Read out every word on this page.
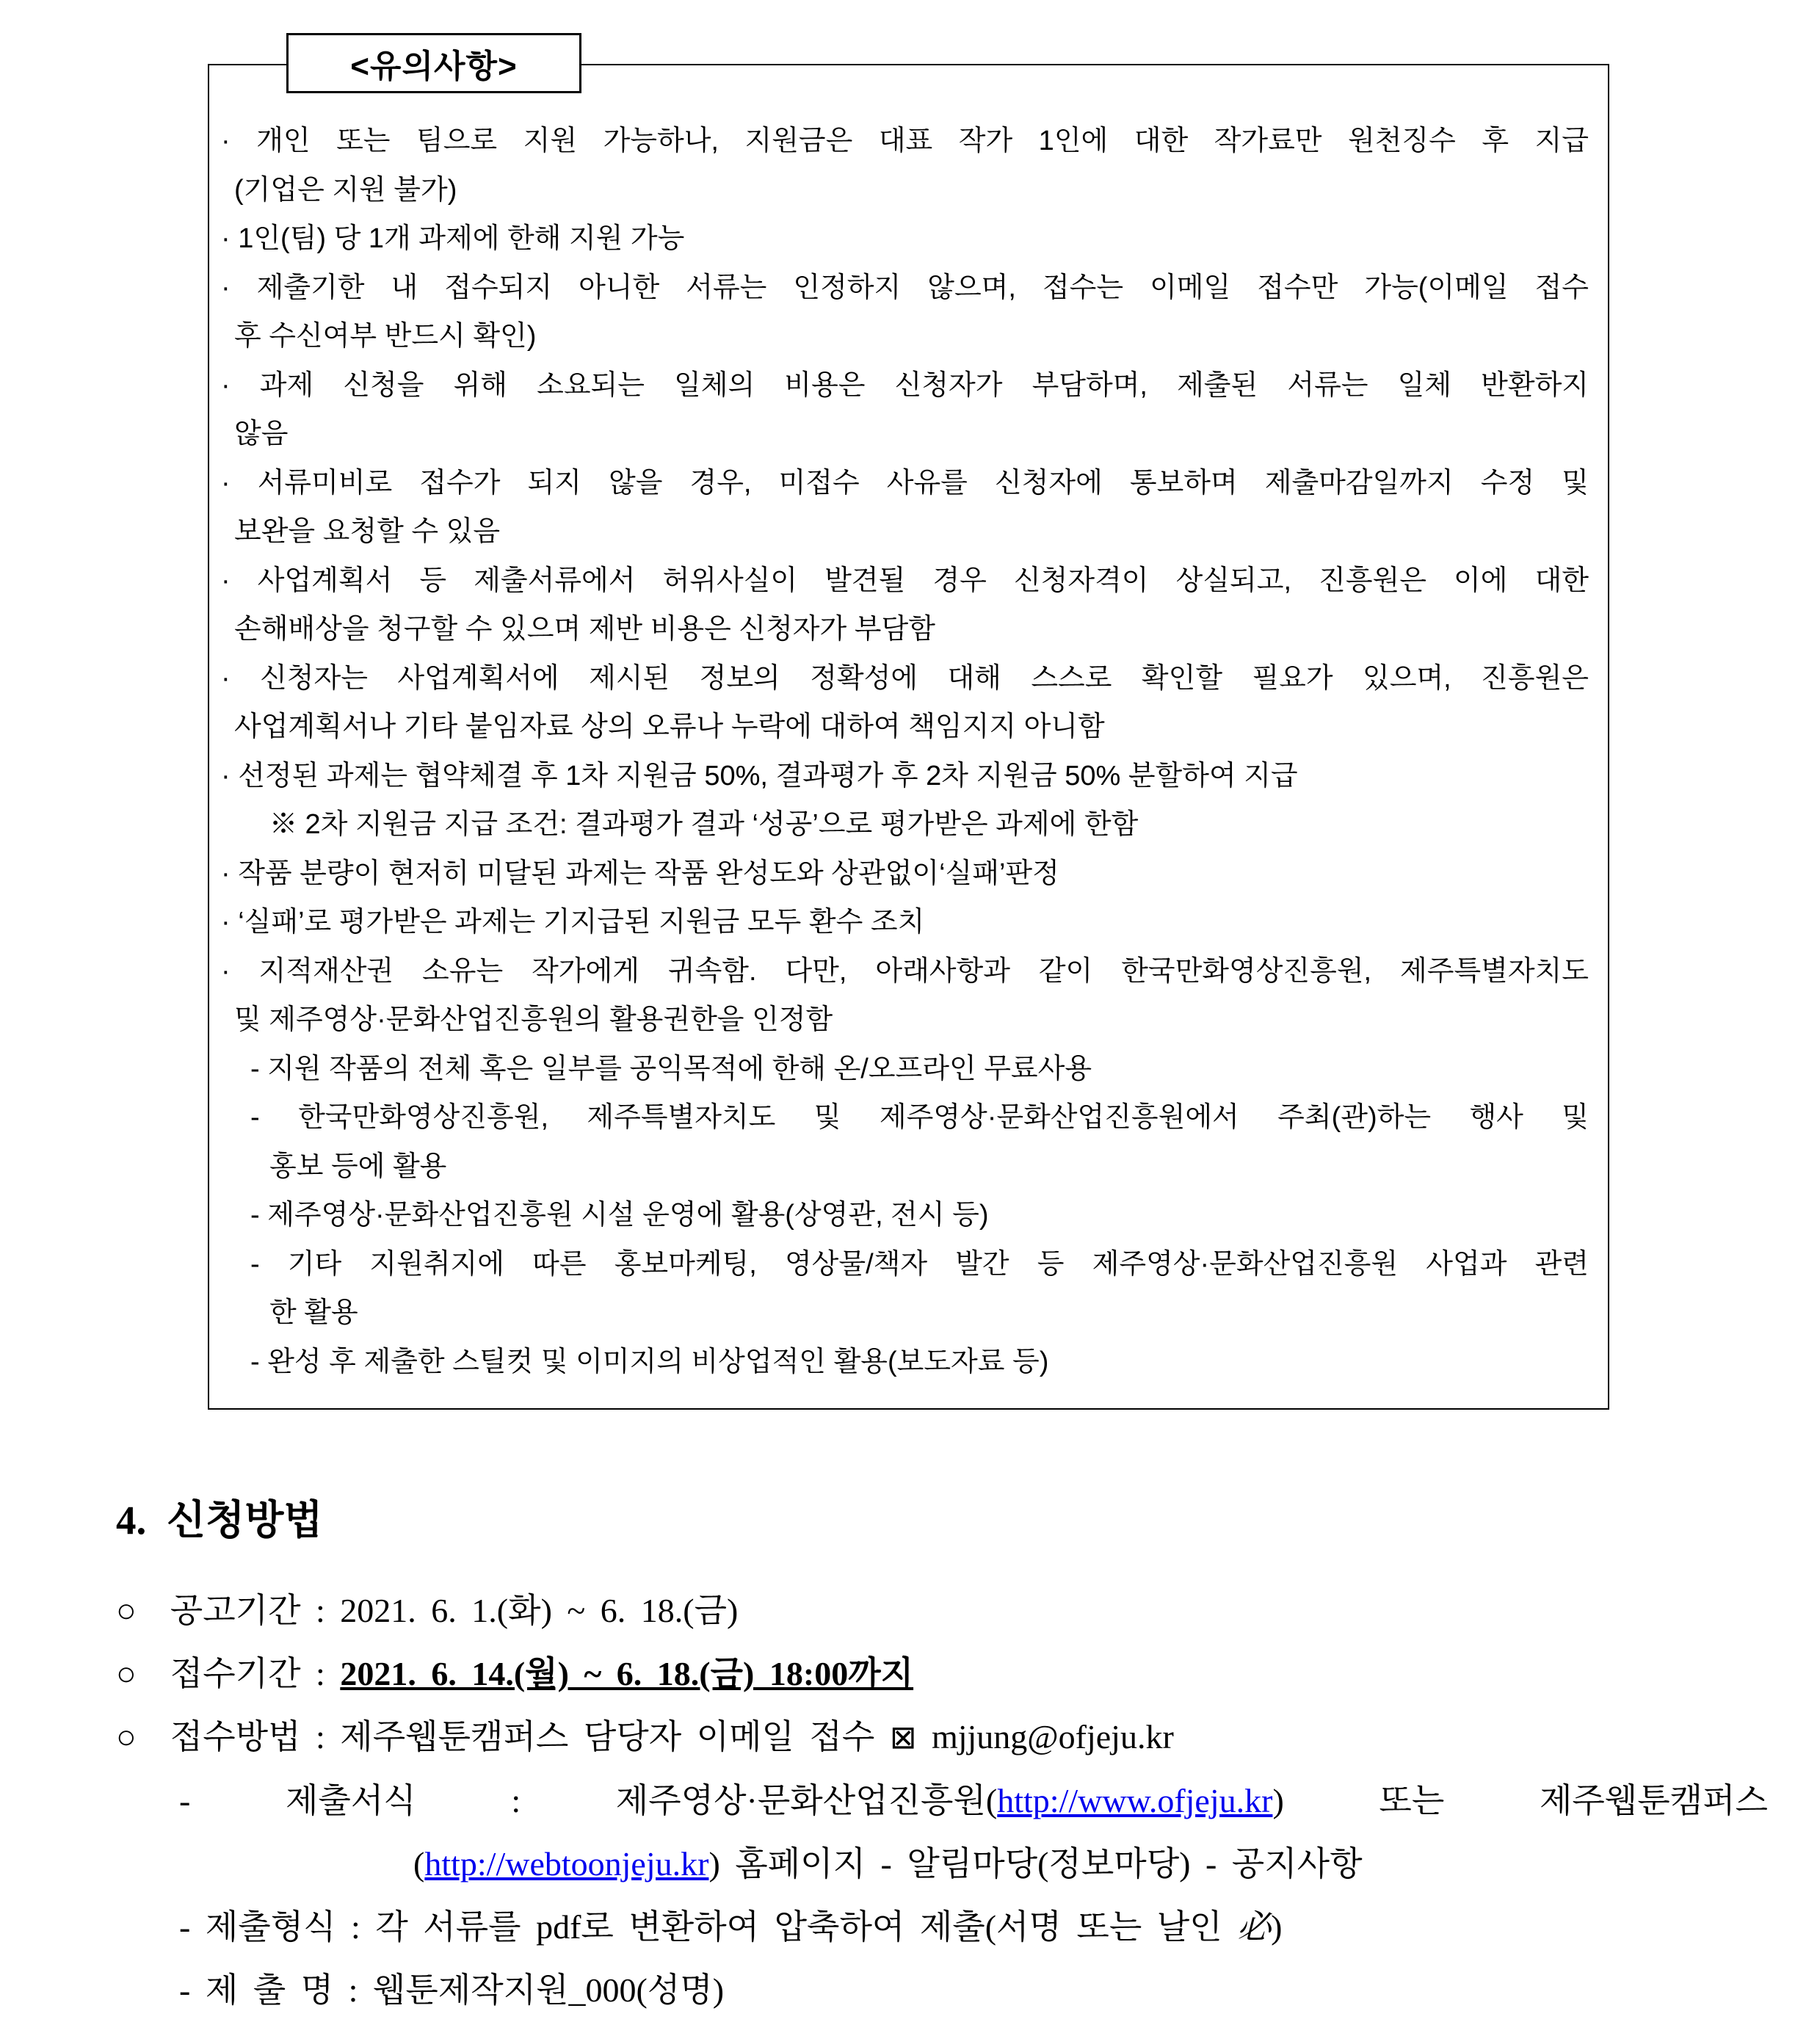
<유의사항>
· 개인 또는 팀으로 지원 가능하나, 지원금은 대표 작가 1인에 대한 작가료만 원천징수 후 지급
(기업은 지원 불가)
· 1인(팀) 당 1개 과제에 한해 지원 가능
· 제출기한 내 접수되지 아니한 서류는 인정하지 않으며, 접수는 이메일 접수만 가능(이메일 접수
후 수신여부 반드시 확인)
· 과제 신청을 위해 소요되는 일체의 비용은 신청자가 부담하며, 제출된 서류는 일체 반환하지
않음
· 서류미비로 접수가 되지 않을 경우, 미접수 사유를 신청자에 통보하며 제출마감일까지 수정 및
보완을 요청할 수 있음
· 사업계획서 등 제출서류에서 허위사실이 발견될 경우 신청자격이 상실되고, 진흥원은 이에 대한
손해배상을 청구할 수 있으며 제반 비용은 신청자가 부담함
· 신청자는 사업계획서에 제시된 정보의 정확성에 대해 스스로 확인할 필요가 있으며, 진흥원은
사업계획서나 기타 붙임자료 상의 오류나 누락에 대하여 책임지지 아니함
· 선정된 과제는 협약체결 후 1차 지원금 50%, 결과평가 후 2차 지원금 50% 분할하여 지급
※ 2차 지원금 지급 조건: 결과평가 결과 ‘성공’으로 평가받은 과제에 한함
· 작품 분량이 현저히 미달된 과제는 작품 완성도와 상관없이‘실패’판정
· ‘실패’로 평가받은 과제는 기지급된 지원금 모두 환수 조치
· 지적재산권 소유는 작가에게 귀속함. 다만, 아래사항과 같이 한국만화영상진흥원, 제주특별자치도
및 제주영상·문화산업진흥원의 활용권한을 인정함
- 지원 작품의 전체 혹은 일부를 공익목적에 한해 온/오프라인 무료사용
- 한국만화영상진흥원, 제주특별자치도 및 제주영상·문화산업진흥원에서 주최(관)하는 행사 및
홍보 등에 활용
- 제주영상·문화산업진흥원 시설 운영에 활용(상영관, 전시 등)
- 기타 지원취지에 따른 홍보마케팅, 영상물/책자 발간 등 제주영상·문화산업진흥원 사업과 관련
한 활용
- 완성 후 제출한 스틸컷 및 이미지의 비상업적인 활용(보도자료 등)
4. 신청방법
○　공고기간 : 2021. 6. 1.(화) ~ 6. 18.(금)
○　접수기간 : 2021. 6. 14.(월) ~ 6. 18.(금) 18:00까지
○　접수방법 : 제주웹툰캠퍼스 담당자 이메일 접수 ⊠ mjjung@ofjeju.kr
- 제출서식 : 제주영상·문화산업진흥원(http://www.ofjeju.kr) 또는 제주웹툰캠퍼스
(http://webtoonjeju.kr) 홈페이지 - 알림마당(정보마당) - 공지사항
- 제출형식 : 각 서류를 pdf로 변환하여 압축하여 제출(서명 또는 날인 必)
- 제 출 명 : 웹툰제작지원_000(성명)
